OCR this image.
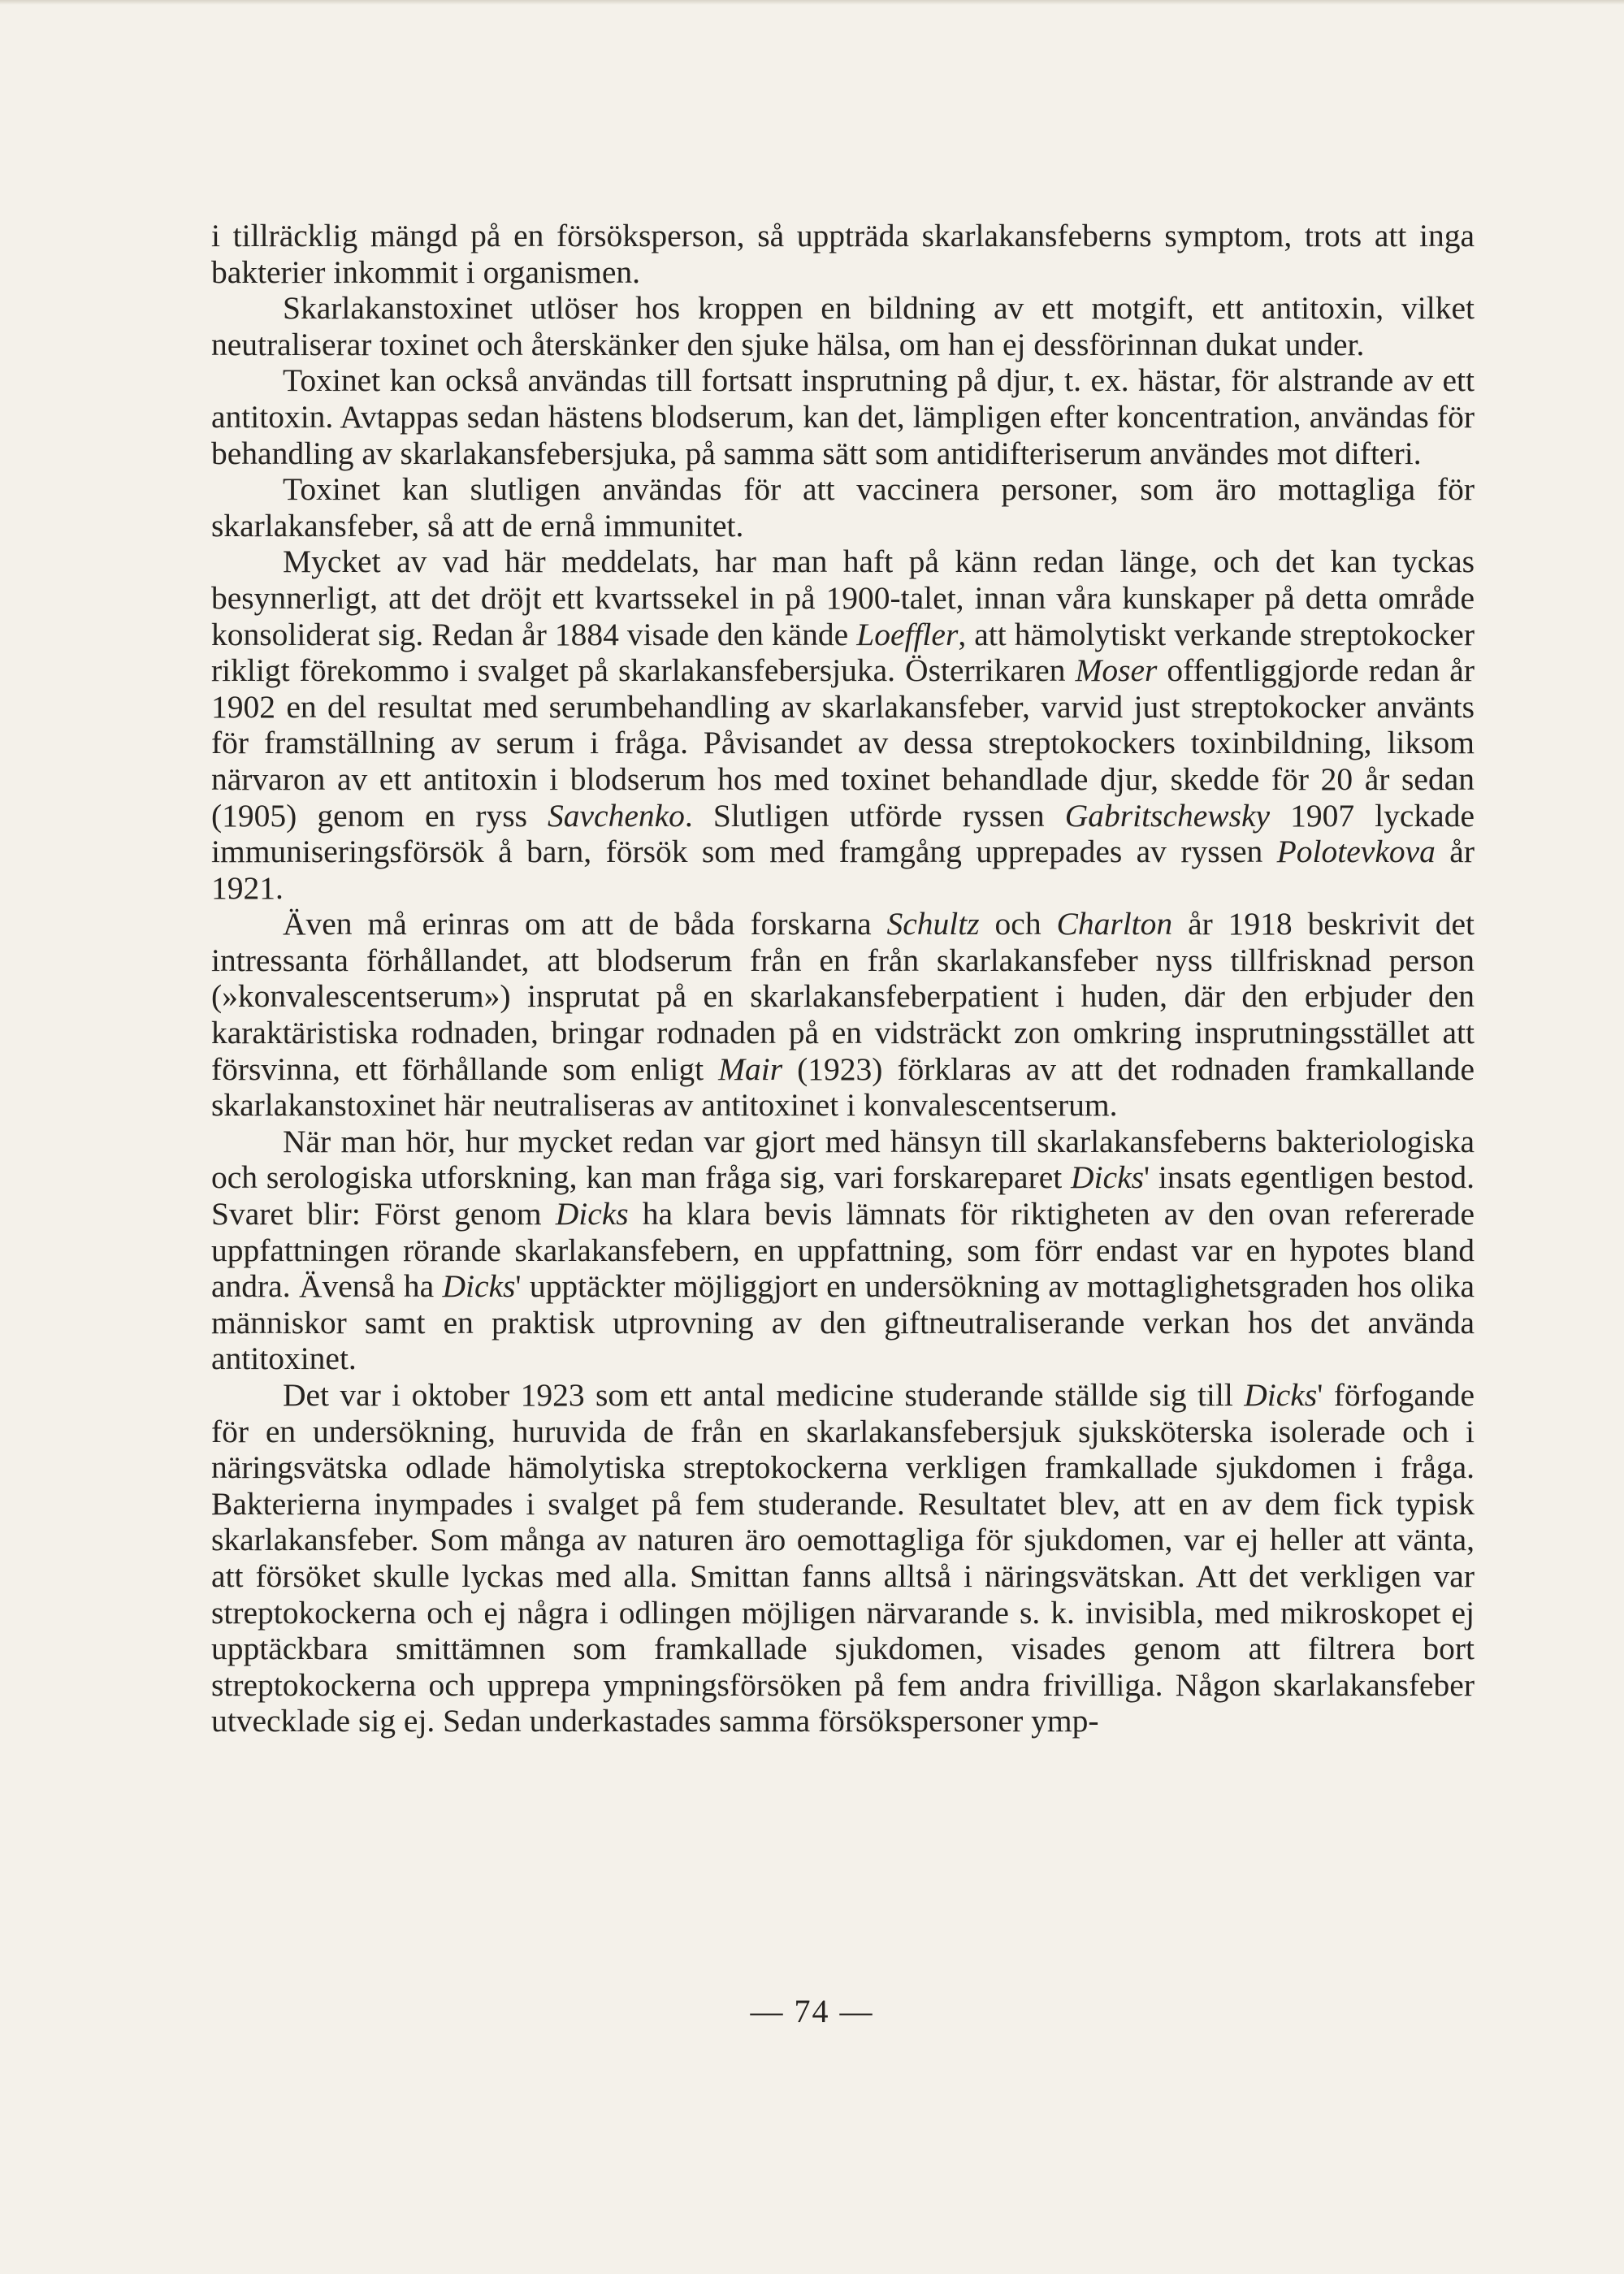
i tillräcklig mängd på en försöksperson, så uppträda skarlakansfeberns symptom, trots att inga bakterier inkommit i organismen.

Skarlakanstoxinet utlöser hos kroppen en bildning av ett motgift, ett antitoxin, vilket neutraliserar toxinet och återskänker den sjuke hälsa, om han ej dessförinnan dukat under.

Toxinet kan också användas till fortsatt insprutning på djur, t. ex. hästar, för alstrande av ett antitoxin. Avtappas sedan hästens blodserum, kan det, lämpligen efter koncentration, användas för behandling av skarlakansfebersjuka, på samma sätt som antidifteriserum användes mot difteri.

Toxinet kan slutligen användas för att vaccinera personer, som äro mottagliga för skarlakansfeber, så att de ernå immunitet.

Mycket av vad här meddelats, har man haft på känn redan länge, och det kan tyckas besynnerligt, att det dröjt ett kvartssekel in på 1900-talet, innan våra kunskaper på detta område konsoliderat sig. Redan år 1884 visade den kände Loeffler, att hämolytiskt verkande streptokocker rikligt förekommo i svalget på skarlakansfebersjuka. Österrikaren Moser offentliggjorde redan år 1902 en del resultat med serumbehandling av skarlakansfeber, varvid just streptokocker använts för framställning av serum i fråga. Påvisandet av dessa streptokockers toxinbildning, liksom närvaron av ett antitoxin i blodserum hos med toxinet behandlade djur, skedde för 20 år sedan (1905) genom en ryss Savchenko. Slutligen utförde ryssen Gabritschewsky 1907 lyckade immuniseringsförsök å barn, försök som med framgång upprepades av ryssen Polotevkova år 1921.

Även må erinras om att de båda forskarna Schultz och Charlton år 1918 beskrivit det intressanta förhållandet, att blodserum från en från skarlakansfeber nyss tillfrisknad person (»konvalescentserum») insprutat på en skarlakansfeberpatient i huden, där den erbjuder den karaktäristiska rodnaden, bringar rodnaden på en vidsträckt zon omkring insprutningsstället att försvinna, ett förhållande som enligt Mair (1923) förklaras av att det rodnaden framkallande skarlakanstoxinet här neutraliseras av antitoxinet i konvalescentserum.

När man hör, hur mycket redan var gjort med hänsyn till skarlakansfeberns bakteriologiska och serologiska utforskning, kan man fråga sig, vari forskareparet Dicks' insats egentligen bestod. Svaret blir: Först genom Dicks ha klara bevis lämnats för riktigheten av den ovan refererade uppfattningen rörande skarlakansfebern, en uppfattning, som förr endast var en hypotes bland andra. Ävenså ha Dicks' upptäckter möjliggjort en undersökning av mottaglighetsgraden hos olika människor samt en praktisk utprovning av den giftneutraliserande verkan hos det använda antitoxinet.

Det var i oktober 1923 som ett antal medicine studerande ställde sig till Dicks' förfogande för en undersökning, huruvida de från en skarlakansfebersjuk sjuksköterska isolerade och i näringsvätska odlade hämolytiska streptokockerna verkligen framkallade sjukdomen i fråga. Bakterierna inympades i svalget på fem studerande. Resultatet blev, att en av dem fick typisk skarlakansfeber. Som många av naturen äro oemottagliga för sjukdomen, var ej heller att vänta, att försöket skulle lyckas med alla. Smittan fanns alltså i näringsvätskan. Att det verkligen var streptokockerna och ej några i odlingen möjligen närvarande s. k. invisibla, med mikroskopet ej upptäckbara smittämnen som framkallade sjukdomen, visades genom att filtrera bort streptokockerna och upprepa ympningsförsöken på fem andra frivilliga. Någon skarlakansfeber utvecklade sig ej. Sedan underkastades samma försökspersoner ymp-

— 74 —
